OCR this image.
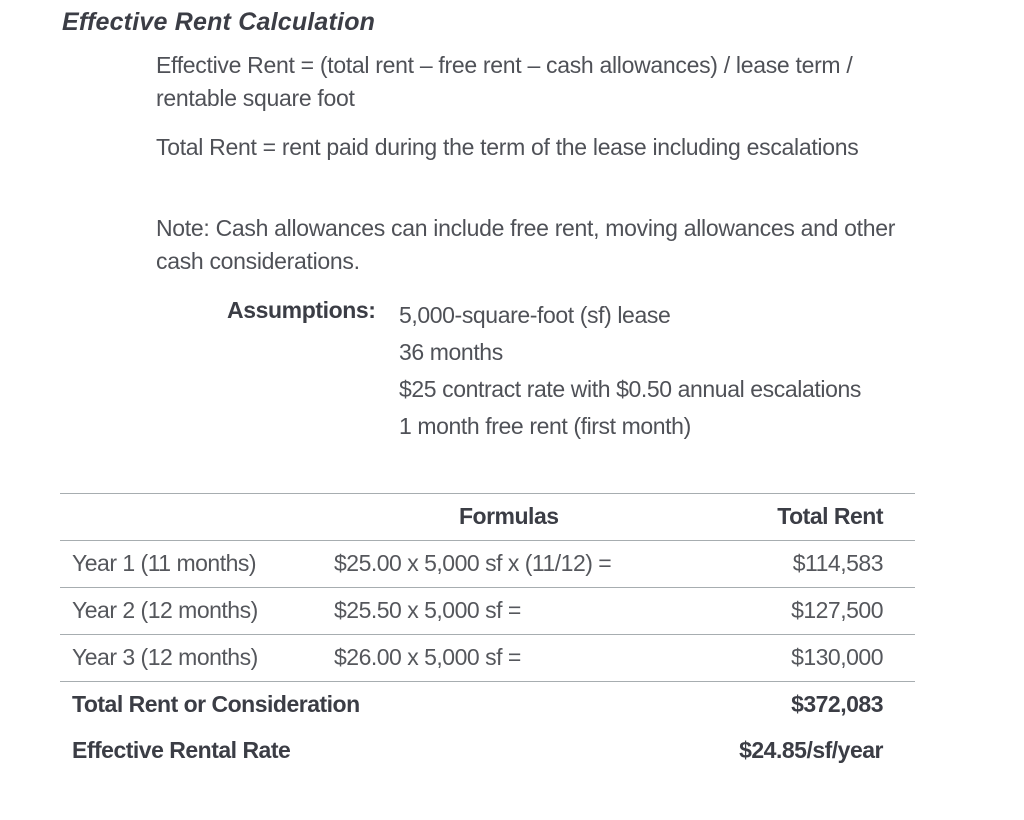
Effective Rent Calculation
Effective Rent = (total rent – free rent – cash allowances) / lease term / rentable square foot
Total Rent = rent paid during the term of the lease including escalations
Note: Cash allowances can include free rent, moving allowances and other cash considerations.
Assumptions: 5,000-square-foot (sf) lease
36 months
$25 contract rate with $0.50 annual escalations
1 month free rent (first month)
Formulas	Total Rent
Year 1 (11 months)	$25.00 x 5,000 sf x (11/12) =	$114,583
Year 2 (12 months)	$25.50 x 5,000 sf =	$127,500
Year 3 (12 months)	$26.00 x 5,000 sf =	$130,000
Total Rent or Consideration	$372,083
Effective Rental Rate	$24.85/sf/year
